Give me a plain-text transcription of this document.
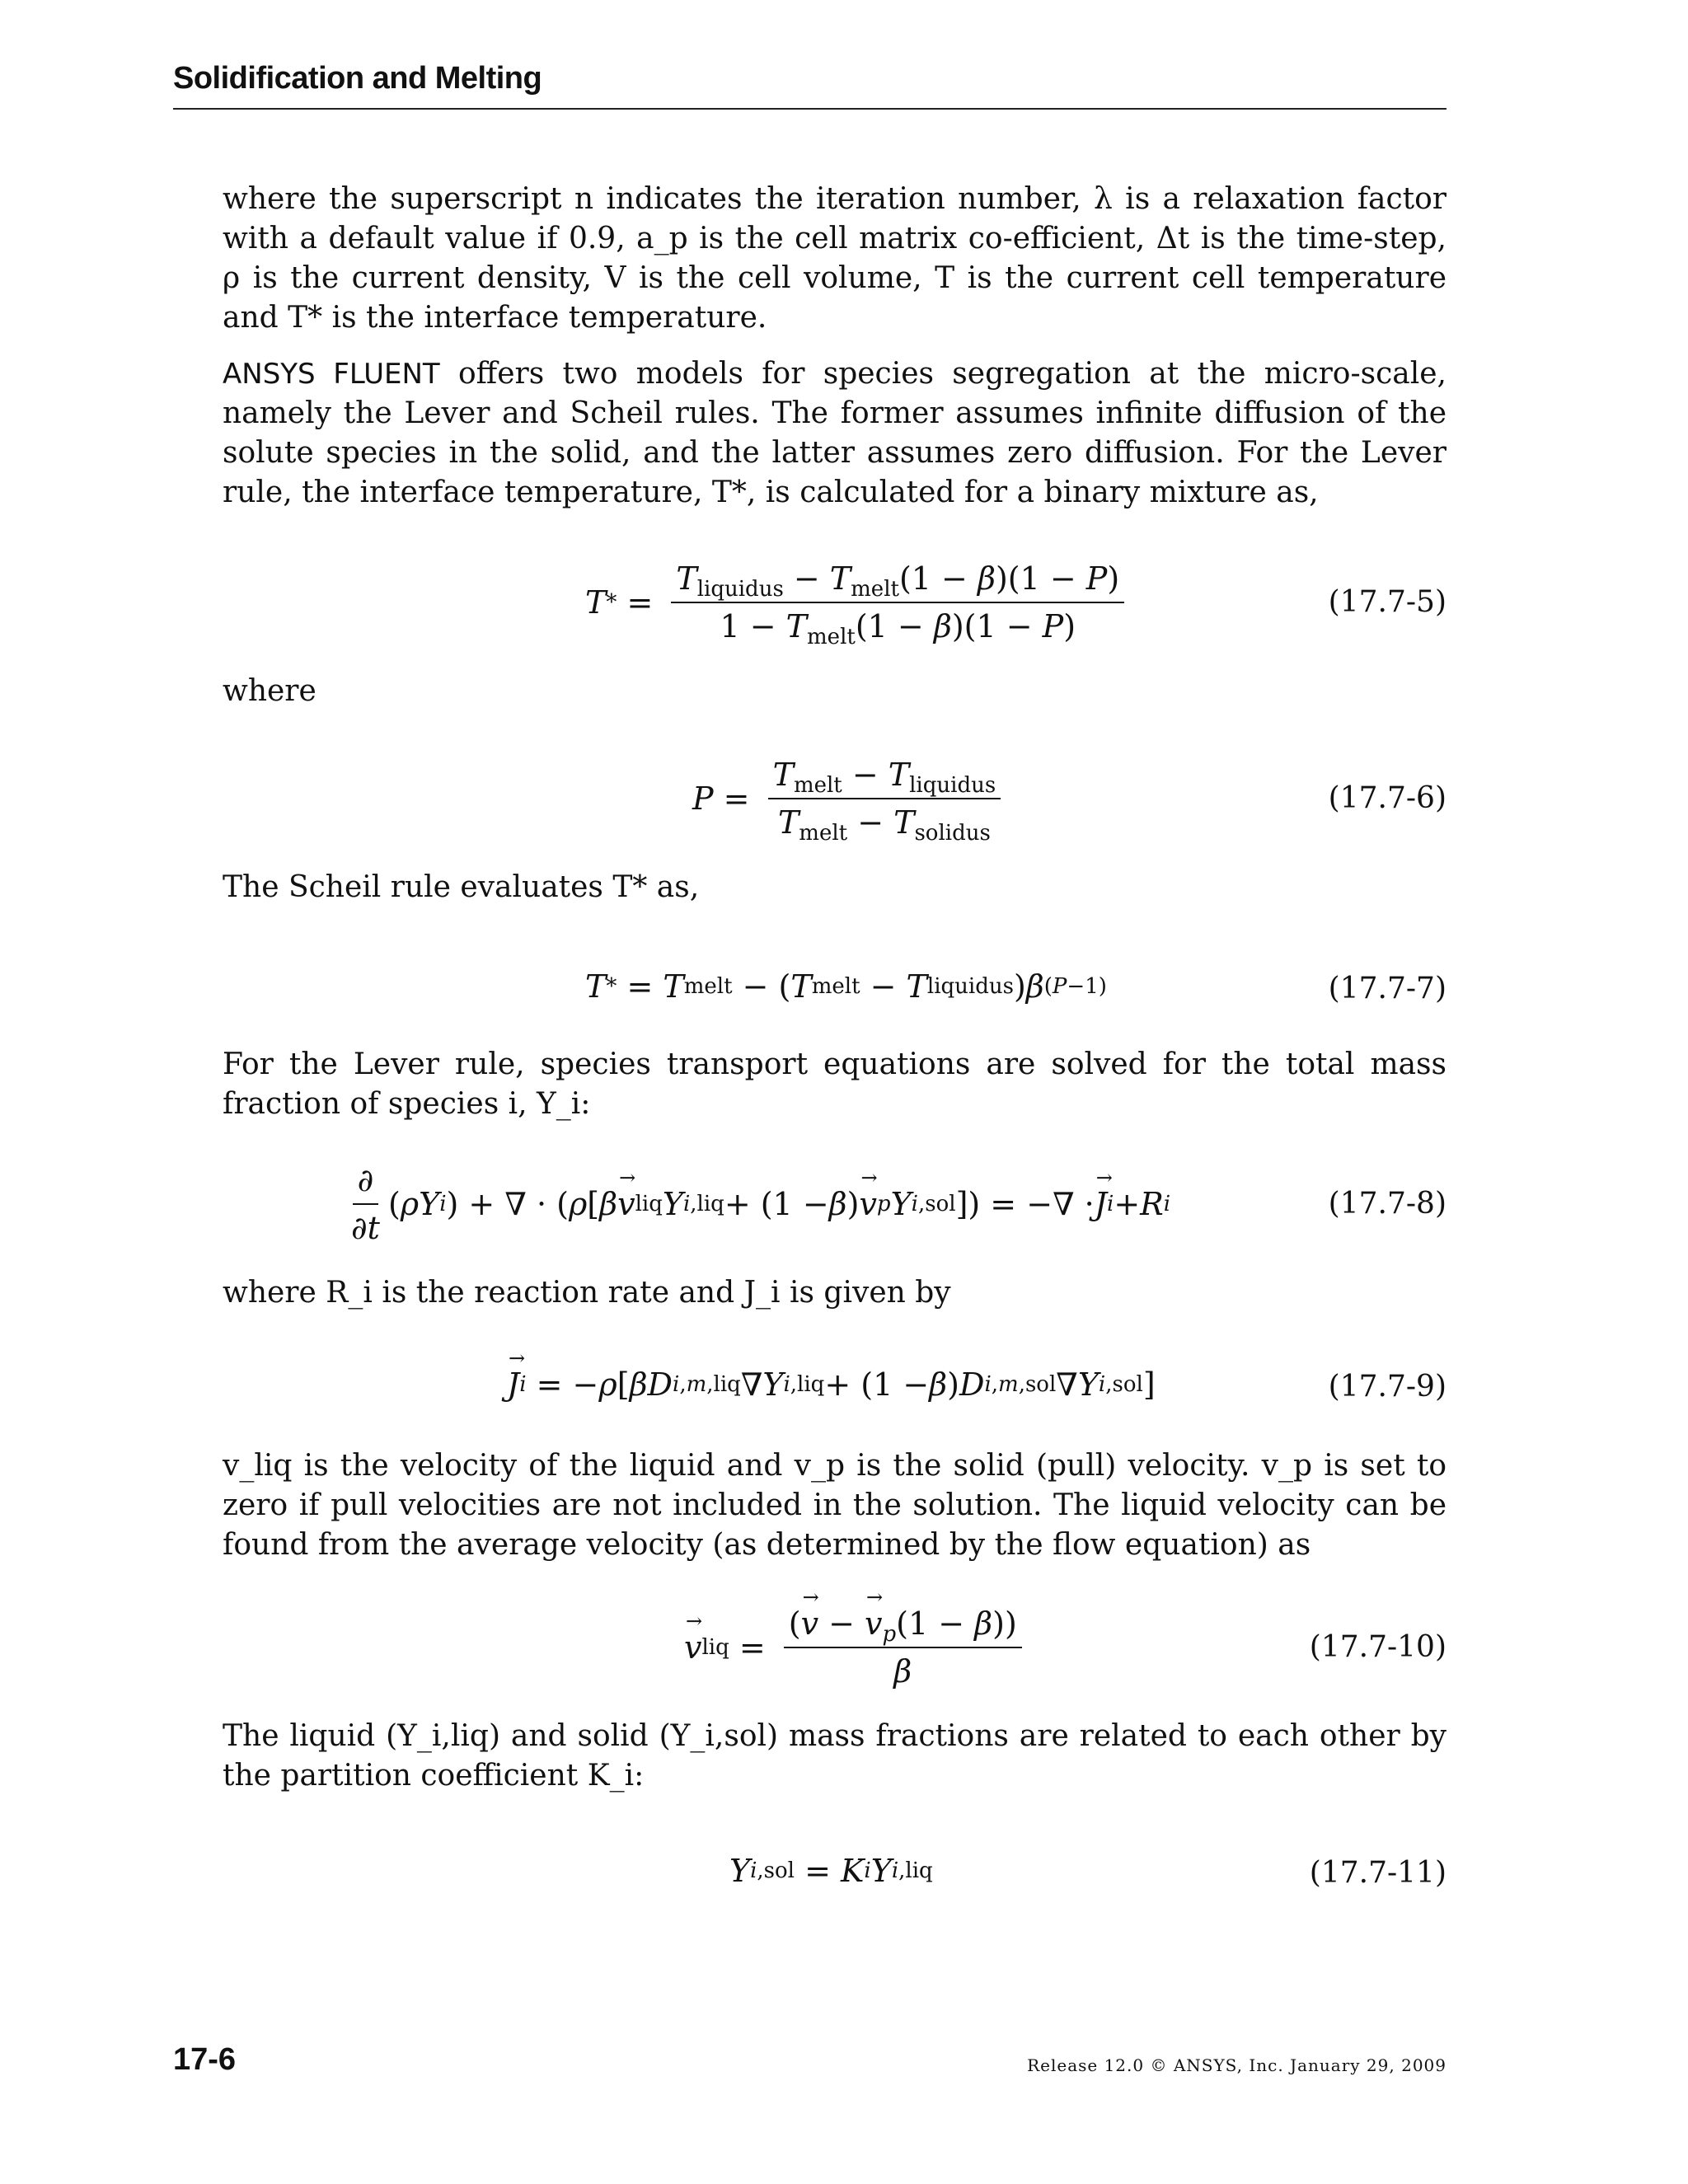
Solidification and Melting
where the superscript n indicates the iteration number, λ is a relaxation factor with a default value if 0.9, a_p is the cell matrix co-efficient, Δt is the time-step, ρ is the current density, V is the cell volume, T is the current cell temperature and T* is the interface temperature.
ANSYS FLUENT offers two models for species segregation at the micro-scale, namely the Lever and Scheil rules. The former assumes infinite diffusion of the solute species in the solid, and the latter assumes zero diffusion. For the Lever rule, the interface temperature, T*, is calculated for a binary mixture as,
T * = $\frac{T_{liquidus} - T_{melt}(1 - \beta)(1 - P)}{1 - T_{melt}(1 - \beta)(1 - P)}$	(17.7-5)
where
$P = \frac{T_{melt} - T_{liquidus}}{T_{melt} - T_{solidus}}$	(17.7-6)
The Scheil rule evaluates T* as,
T * = T melt − ( T melt − T liquidus ) β (P−1)	(17.7-7)
For the Lever rule, species transport equations are solved for the total mass fraction of species i, Y_i:
$\frac{\partial}{\partial t}$ ( ρY i ) + ∇ · ( ρ [ β → v liq Y i,liq + (1 − β ) → v p Y i,sol ]) = −∇ · → J i + R i	(17.7-8)
where R_i is the reaction rate and J_i is given by
→ J i = − ρ [ βD i,m,liq ∇ Y i,liq + (1 − β ) D i,m,sol ∇ Y i,sol ]	(17.7-9)
v_liq is the velocity of the liquid and v_p is the solid (pull) velocity. v_p is set to zero if pull velocities are not included in the solution. The liquid velocity can be found from the average velocity (as determined by the flow equation) as
→ v liq = $\frac{(\to v - \to v_p(1 - \beta))}{\beta}$	(17.7-10)
The liquid (Y_i,liq) and solid (Y_i,sol) mass fractions are related to each other by the partition coefficient K_i:
Y i,sol = K i Y i,liq	(17.7-11)
17-6	Release 12.0 © ANSYS, Inc. January 29, 2009
